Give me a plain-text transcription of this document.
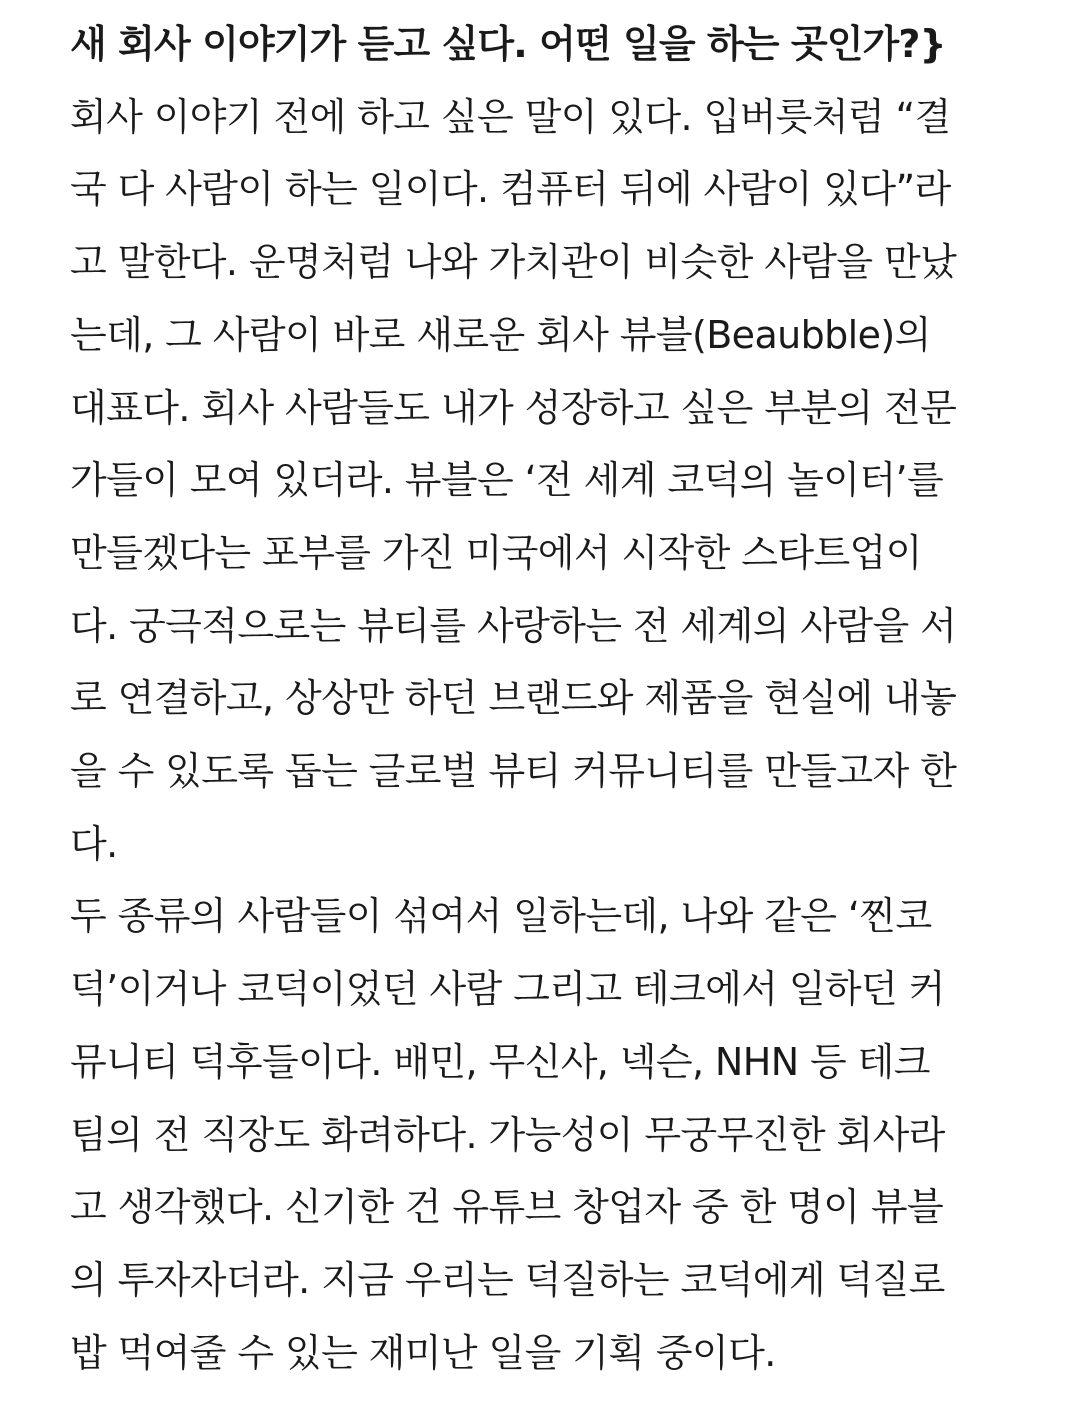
새 회사 이야기가 듣고 싶다. 어떤 일을 하는 곳인가?}
회사 이야기 전에 하고 싶은 말이 있다. 입버릇처럼 “결
국 다 사람이 하는 일이다. 컴퓨터 뒤에 사람이 있다”라
고 말한다. 운명처럼 나와 가치관이 비슷한 사람을 만났
는데, 그 사람이 바로 새로운 회사 뷰블(Beaubble)의
대표다. 회사 사람들도 내가 성장하고 싶은 부분의 전문
가들이 모여 있더라. 뷰블은 ‘전 세계 코덕의 놀이터’를
만들겠다는 포부를 가진 미국에서 시작한 스타트업이
다. 궁극적으로는 뷰티를 사랑하는 전 세계의 사람을 서
로 연결하고, 상상만 하던 브랜드와 제품을 현실에 내놓
을 수 있도록 돕는 글로벌 뷰티 커뮤니티를 만들고자 한
다.
두 종류의 사람들이 섞여서 일하는데, 나와 같은 ‘찐코
덕’이거나 코덕이었던 사람 그리고 테크에서 일하던 커
뮤니티 덕후들이다. 배민, 무신사, 넥슨, NHN 등 테크
팀의 전 직장도 화려하다. 가능성이 무궁무진한 회사라
고 생각했다. 신기한 건 유튜브 창업자 중 한 명이 뷰블
의 투자자더라. 지금 우리는 덕질하는 코덕에게 덕질로
밥 먹여줄 수 있는 재미난 일을 기획 중이다.
